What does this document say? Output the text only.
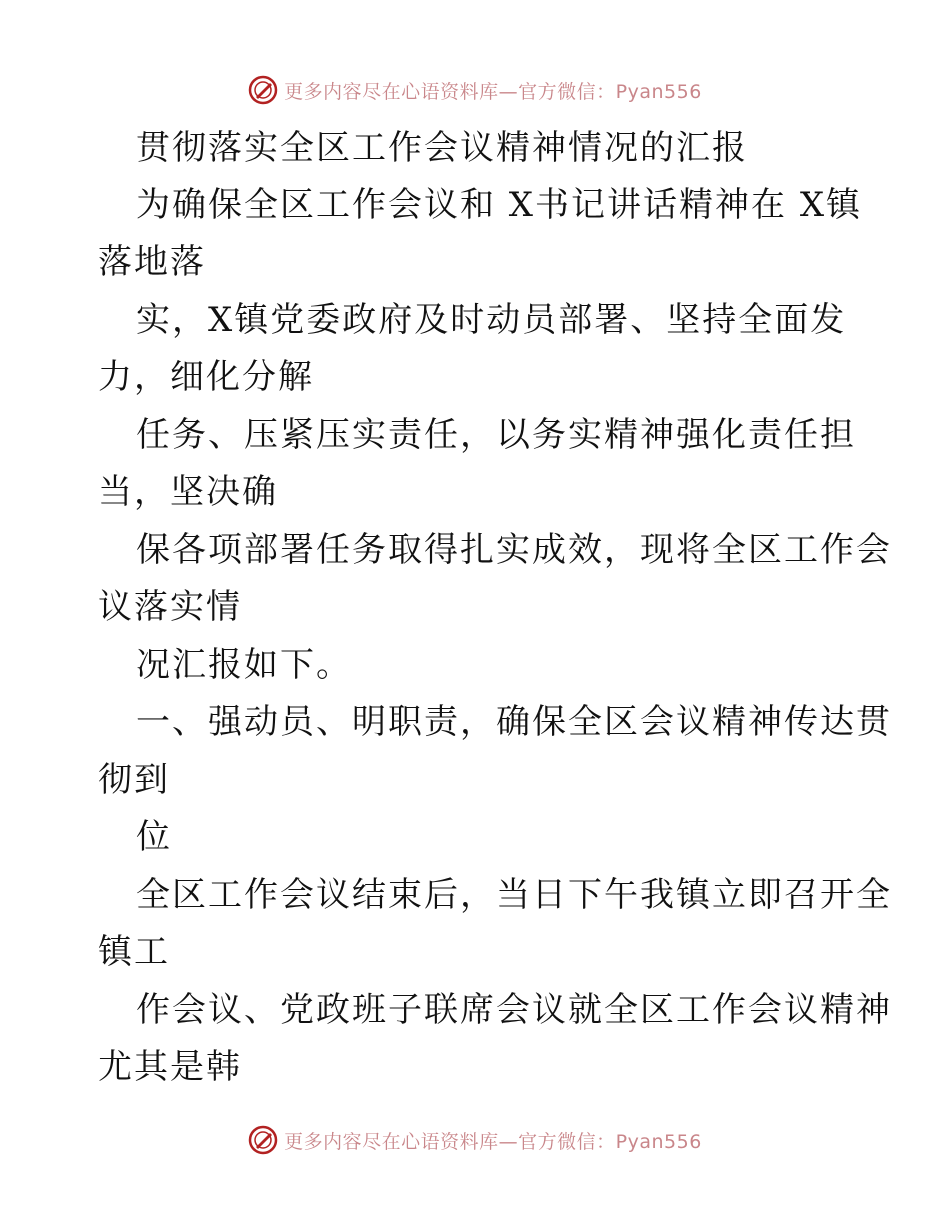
更多内容尽在心语资料库—官方微信：Pyan556
贯彻落实全区工作会议精神情况的汇报
为确保全区工作会议和 X书记讲话精神在 X镇
落地落
实，X镇党委政府及时动员部署、坚持全面发
力，细化分解
任务、压紧压实责任，以务实精神强化责任担
当，坚决确
保各项部署任务取得扎实成效，现将全区工作会
议落实情
况汇报如下。
一、强动员、明职责，确保全区会议精神传达贯
彻到
位
全区工作会议结束后，当日下午我镇立即召开全
镇工
作会议、党政班子联席会议就全区工作会议精神
尤其是韩
更多内容尽在心语资料库—官方微信：Pyan556
